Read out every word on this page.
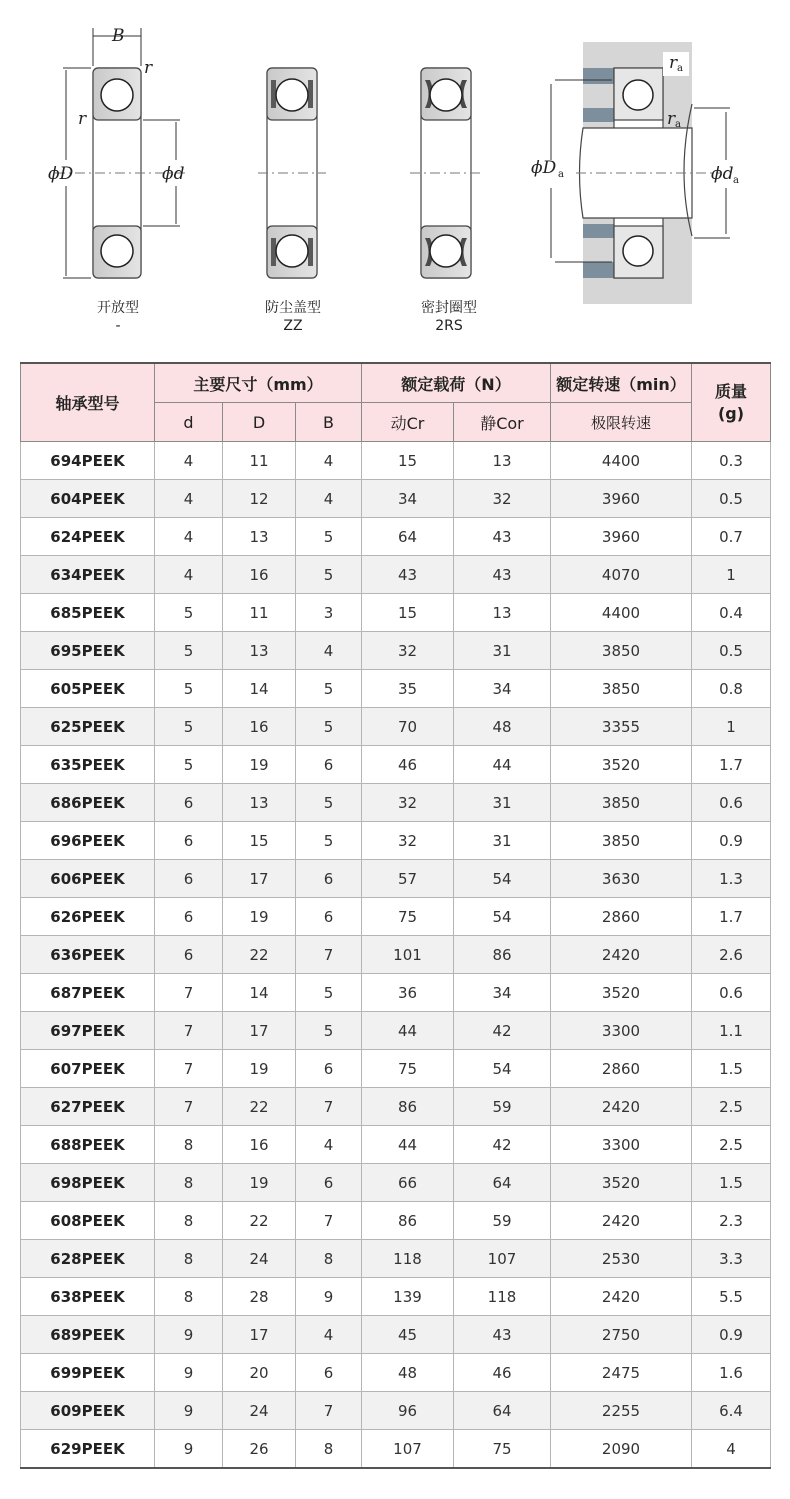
B
r
r
ϕD	ϕd
r a
r a
ϕD a	ϕd a
开放型
-
防尘盖型
ZZ
密封圈型
2RS
轴承型号	主要尺寸（mm）			额定载荷（N）		额定转速（min）	质量
(g)
	d	D	B	动Cr	静Cor	极限转速	
694PEEK	4	11	4	15	13	4400	0.3
604PEEK	4	12	4	34	32	3960	0.5
624PEEK	4	13	5	64	43	3960	0.7
634PEEK	4	16	5	43	43	4070	1
685PEEK	5	11	3	15	13	4400	0.4
695PEEK	5	13	4	32	31	3850	0.5
605PEEK	5	14	5	35	34	3850	0.8
625PEEK	5	16	5	70	48	3355	1
635PEEK	5	19	6	46	44	3520	1.7
686PEEK	6	13	5	32	31	3850	0.6
696PEEK	6	15	5	32	31	3850	0.9
606PEEK	6	17	6	57	54	3630	1.3
626PEEK	6	19	6	75	54	2860	1.7
636PEEK	6	22	7	101	86	2420	2.6
687PEEK	7	14	5	36	34	3520	0.6
697PEEK	7	17	5	44	42	3300	1.1
607PEEK	7	19	6	75	54	2860	1.5
627PEEK	7	22	7	86	59	2420	2.5
688PEEK	8	16	4	44	42	3300	2.5
698PEEK	8	19	6	66	64	3520	1.5
608PEEK	8	22	7	86	59	2420	2.3
628PEEK	8	24	8	118	107	2530	3.3
638PEEK	8	28	9	139	118	2420	5.5
689PEEK	9	17	4	45	43	2750	0.9
699PEEK	9	20	6	48	46	2475	1.6
609PEEK	9	24	7	96	64	2255	6.4
629PEEK	9	26	8	107	75	2090	4
